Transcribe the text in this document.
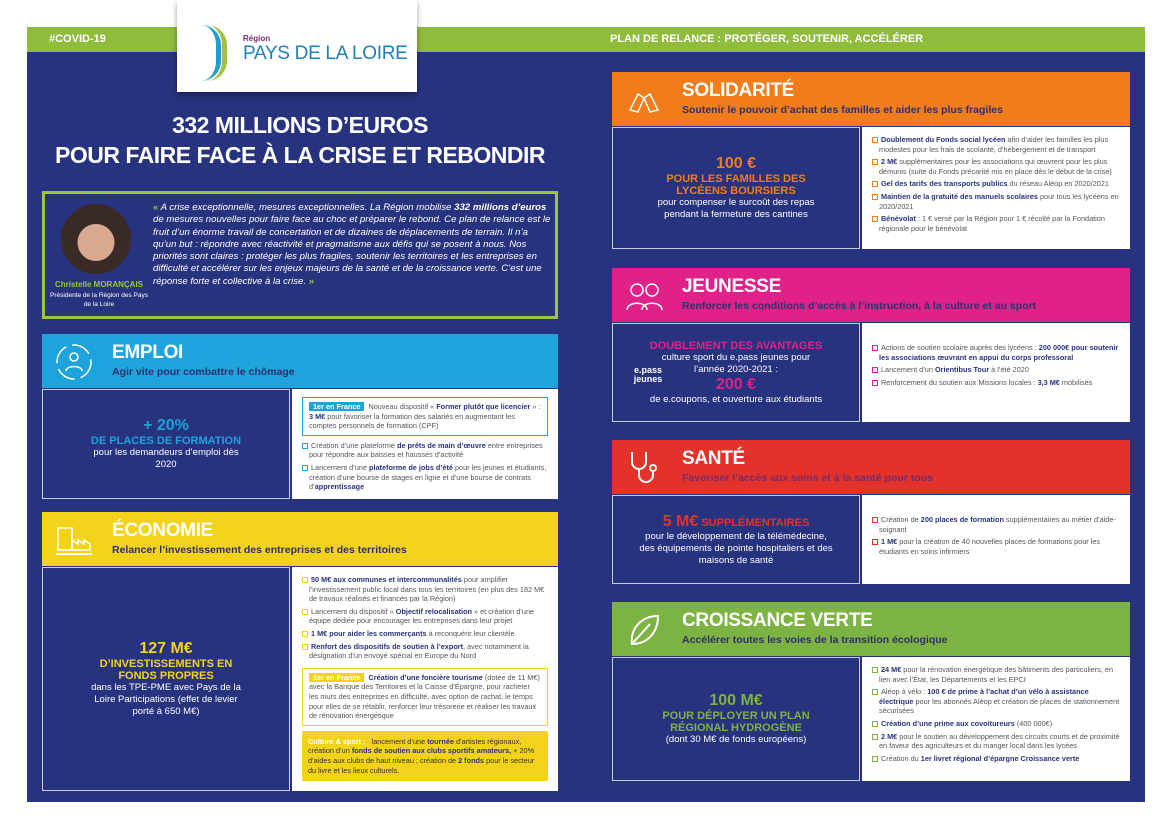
#COVID-19	PLAN DE RELANCE : PROTÉGER, SOUTENIR, ACCÉLÉRER
Région
PAYS DE LA LOIRE
332 MILLIONS D’EUROS
POUR FAIRE FACE À LA CRISE ET REBONDIR
Christelle MORANÇAIS
Présidente de la Région des Pays de la Loire
« A crise exceptionnelle, mesures exceptionnelles. La Région mobilise 332 millions d’euros de mesures nouvelles pour faire face au choc et préparer le rebond. Ce plan de relance est le fruit d’un énorme travail de concertation et de dizaines de déplacements de terrain. Il n’a qu’un but : répondre avec réactivité et pragmatisme aux défis qui se posent à nous. Nos priorités sont claires : protéger les plus fragiles, soutenir les territoires et les entreprises en difficulté et accélérer sur les enjeux majeurs de la santé et de la croissance verte. C’est une réponse forte et collective à la crise. »
EMPLOI
Agir vite pour combattre le chômage
+ 20%
DE PLACES DE FORMATION
pour les demandeurs d’emploi dès 2020
1er en France Nouveau dispositif « Former plutôt que licencier » : 3 M€ pour favoriser la formation des salariés en augmentant les comptes personnels de formation (CPF)
Création d’une plateforme de prêts de main d’œuvre entre entreprises pour répondre aux baisses et hausses d’activité
Lancement d’une plateforme de jobs d’été pour les jeunes et étudiants, création d’une bourse de stages en ligne et d’une bourse de contrats d’apprentissage
ÉCONOMIE
Relancer l’investissement des entreprises et des territoires
127 M€
D’INVESTISSEMENTS EN FONDS PROPRES
dans les TPE-PME avec Pays de la Loire Participations (effet de levier porté à 650 M€)
50 M€ aux communes et intercommunalités pour amplifier l’investissement public local dans tous les territoires (en plus des 182 M€ de travaux réalisés et financés par la Région)
Lancement du dispositif « Objectif relocalisation » et création d’une équipe dédiée pour encourager les entreprises dans leur projet
1 M€ pour aider les commerçants à reconquérir leur clientèle
Renfort des dispositifs de soutien à l’export, avec notamment la désignation d’un envoyé spécial en Europe du Nord
1er en France Création d’une foncière tourisme (dotée de 11 M€) avec la Banque des Territoires et la Caisse d’Épargne, pour racheter les murs des entreprises en difficulté, avec option de rachat, le temps pour elles de se rétablir, renforcer leur trésorerie et réaliser les travaux de rénovation énergétique
Culture & sport : lancement d’une tournée d’artistes régionaux, création d’un fonds de soutien aux clubs sportifs amateurs, + 20% d’aides aux clubs de haut niveau ; création de 2 fonds pour le secteur du livre et les lieux culturels.
SOLIDARITÉ
Soutenir le pouvoir d’achat des familles et aider les plus fragiles
100 €
POUR LES FAMILLES DES LYCÉENS BOURSIERS
pour compenser le surcoût des repas pendant la fermeture des cantines
Doublement du Fonds social lycéen afin d’aider les familles les plus modestes pour les frais de scolarité, d’hébergement et de transport
2 M€ supplémentaires pour les associations qui œuvrent pour les plus démunis (suite du Fonds précarité mis en place dès le début de la crise)
Gel des tarifs des transports publics du réseau Aléop en 2020/2021
Maintien de la gratuité des manuels scolaires pour tous les lycéens en 2020/2021
Bénévolat : 1 € versé par la Région pour 1 € récolté par la Fondation régionale pour le bénévolat
JEUNESSE
Renforcer les conditions d’accès à l’instruction, à la culture et au sport
DOUBLEMENT DES AVANTAGES
culture sport du e.pass jeunes pour l’année 2020-2021 :
200 €
de e.coupons, et ouverture aux étudiants
e.pass jeunes
Actions de soutien scolaire auprès des lycéens : 200 000€ pour soutenir les associations œuvrant en appui du corps professoral
Lancement d’un Orientibus Tour à l’été 2020
Renforcement du soutien aux Missions locales : 3,3 M€ mobilisés
SANTÉ
Favoriser l’accès aux soins et à la santé pour tous
5 M€ SUPPLÉMENTAIRES
pour le développement de la télémédecine, des équipements de pointe hospitaliers et des maisons de santé
Création de 200 places de formation supplémentaires au métier d’aide-soignant
1 M€ pour la création de 40 nouvelles places de formations pour les étudiants en soins infirmiers
CROISSANCE VERTE
Accélérer toutes les voies de la transition écologique
100 M€
POUR DÉPLOYER UN PLAN RÉGIONAL HYDROGÈNE
(dont 30 M€ de fonds européens)
24 M€ pour la rénovation énergétique des bâtiments des particuliers, en lien avec l’État, les Départements et les EPCI
Aléop à vélo : 100 € de prime à l’achat d’un vélo à assistance électrique pour les abonnés Aléop et création de places de stationnement sécurisées
Création d’une prime aux covoitureurs (400 000€)
2 M€ pour le soutien au développement des circuits courts et de proximité en faveur des agriculteurs et du manger local dans les lycées
Création du 1er livret régional d’épargne Croissance verte
